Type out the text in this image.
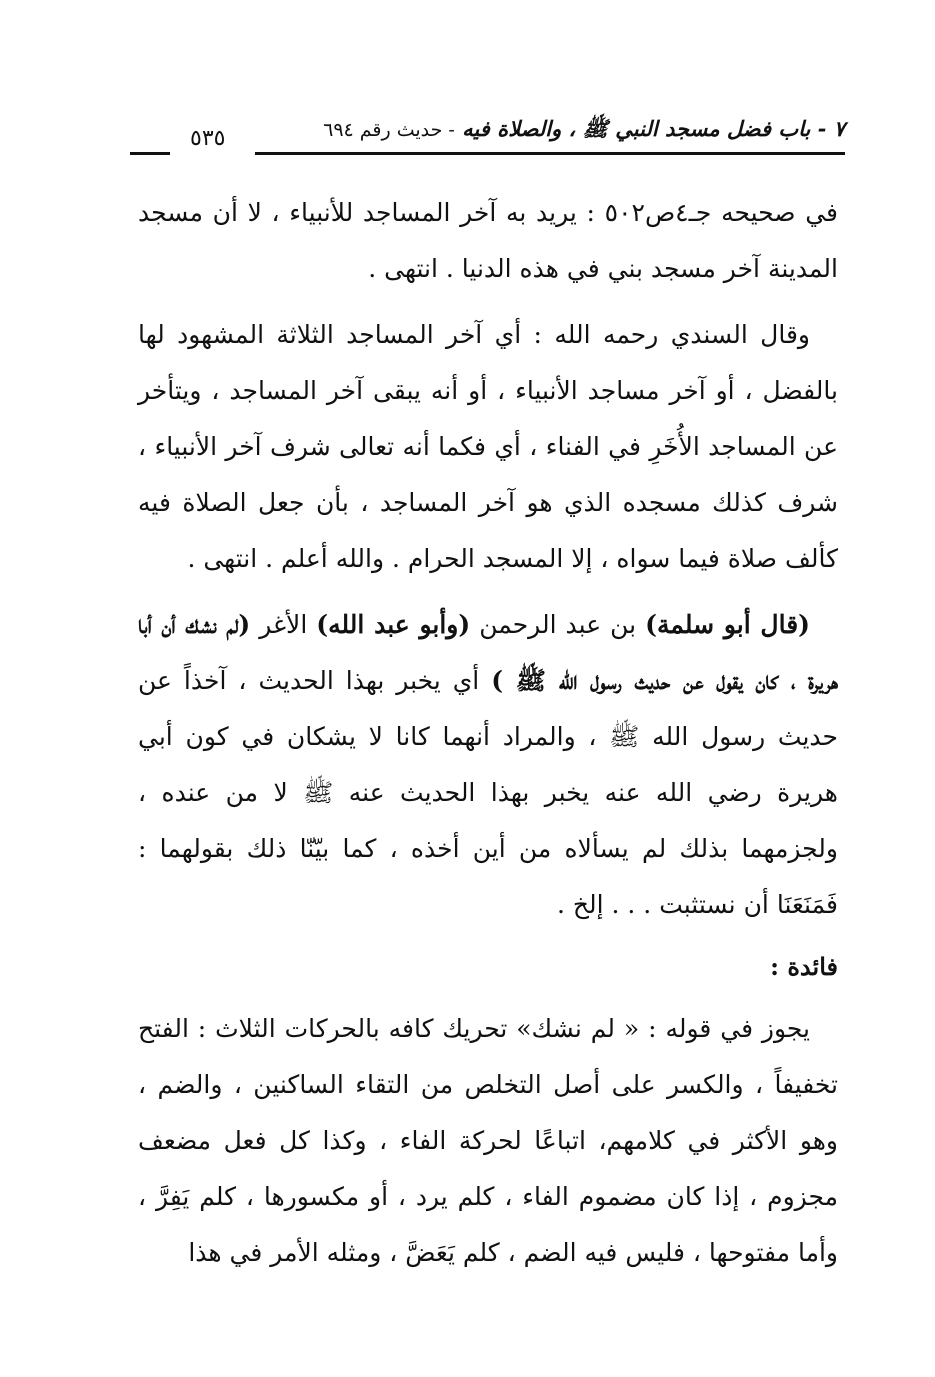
٧ - باب فضل مسجد النبي ﷺ ، والصلاة فيه - حديث رقم ٦٩٤
٥٣٥

في صحيحه جـ٤ص٥٠٢ : يريد به آخر المساجد للأنبياء ، لا أن مسجد المدينة آخر مسجد بني في هذه الدنيا . انتهى .

وقال السندي رحمه الله : أي آخر المساجد الثلاثة المشهود لها بالفضل ، أو آخر مساجد الأنبياء ، أو أنه يبقى آخر المساجد ، ويتأخر عن المساجد الأُخَرِ في الفناء ، أي فكما أنه تعالى شرف آخر الأنبياء ، شرف كذلك مسجده الذي هو آخر المساجد ، بأن جعل الصلاة فيه كألف صلاة فيما سواه ، إلا المسجد الحرام . والله أعلم . انتهى .

(قال أبو سلمة) بن عبد الرحمن (وأبو عبد الله) الأغر (لم نشك أن أبا هريرة ، كان يقول عن حديث رسول الله ﷺ ) أي يخبر بهذا الحديث ، آخذاً عن حديث رسول الله ﷺ ، والمراد أنهما كانا لا يشكان في كون أبي هريرة رضي الله عنه يخبر بهذا الحديث عنه ﷺ لا من عنده ، ولجزمهما بذلك لم يسألاه من أين أخذه ، كما بيّنّا ذلك بقولهما : فَمَنَعَنَا أن نستثبت . . . إلخ .

فائدة :

يجوز في قوله : « لم نشك» تحريك كافه بالحركات الثلاث : الفتح تخفيفاً ، والكسر على أصل التخلص من التقاء الساكنين ، والضم ، وهو الأكثر في كلامهم، اتباعًا لحركة الفاء ، وكذا كل فعل مضعف مجزوم ، إذا كان مضموم الفاء ، كلم يرد ، أو مكسورها ، كلم يَفِرَّ ، وأما مفتوحها ، فليس فيه الضم ، كلم يَعَضَّ ، ومثله الأمر في هذا
